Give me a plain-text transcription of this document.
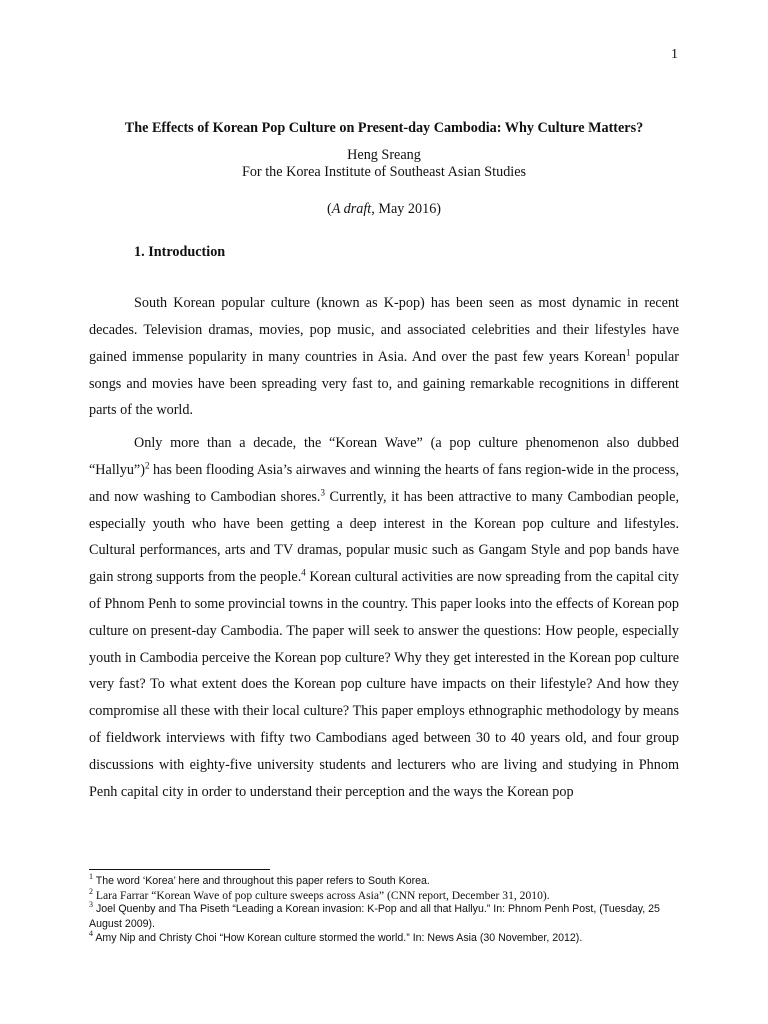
1
The Effects of Korean Pop Culture on Present-day Cambodia: Why Culture Matters?
Heng Sreang
For the Korea Institute of Southeast Asian Studies
(A draft, May 2016)
1. Introduction

South Korean popular culture (known as K-pop) has been seen as most dynamic in recent decades. Television dramas, movies, pop music, and associated celebrities and their lifestyles have gained immense popularity in many countries in Asia. And over the past few years Korean$^1$ popular songs and movies have been spreading very fast to, and gaining remarkable recognitions in different parts of the world.

Only more than a decade, the “Korean Wave” (a pop culture phenomenon also dubbed “Hallyu”)$^2$ has been flooding Asia’s airwaves and winning the hearts of fans region-wide in the process, and now washing to Cambodian shores.$^3$ Currently, it has been attractive to many Cambodian people, especially youth who have been getting a deep interest in the Korean pop culture and lifestyles. Cultural performances, arts and TV dramas, popular music such as Gangam Style and pop bands have gain strong supports from the people.$^4$ Korean cultural activities are now spreading from the capital city of Phnom Penh to some provincial towns in the country. This paper looks into the effects of Korean pop culture on present-day Cambodia. The paper will seek to answer the questions: How people, especially youth in Cambodia perceive the Korean pop culture? Why they get interested in the Korean pop culture very fast? To what extent does the Korean pop culture have impacts on their lifestyle? And how they compromise all these with their local culture? This paper employs ethnographic methodology by means of fieldwork interviews with fifty two Cambodians aged between 30 to 40 years old, and four group discussions with eighty-five university students and lecturers who are living and studying in Phnom Penh capital city in order to understand their perception and the ways the Korean pop

$^1$ The word ‘Korea’ here and throughout this paper refers to South Korea.

$^2$ Lara Farrar “Korean Wave of pop culture sweeps across Asia” (CNN report, December 31, 2010).

$^3$ Joel Quenby and Tha Piseth “Leading a Korean invasion: K-Pop and all that Hallyu.” In: Phnom Penh Post, (Tuesday, 25 August 2009).

$^4$ Amy Nip and Christy Choi “How Korean culture stormed the world.” In: News Asia (30 November, 2012).
